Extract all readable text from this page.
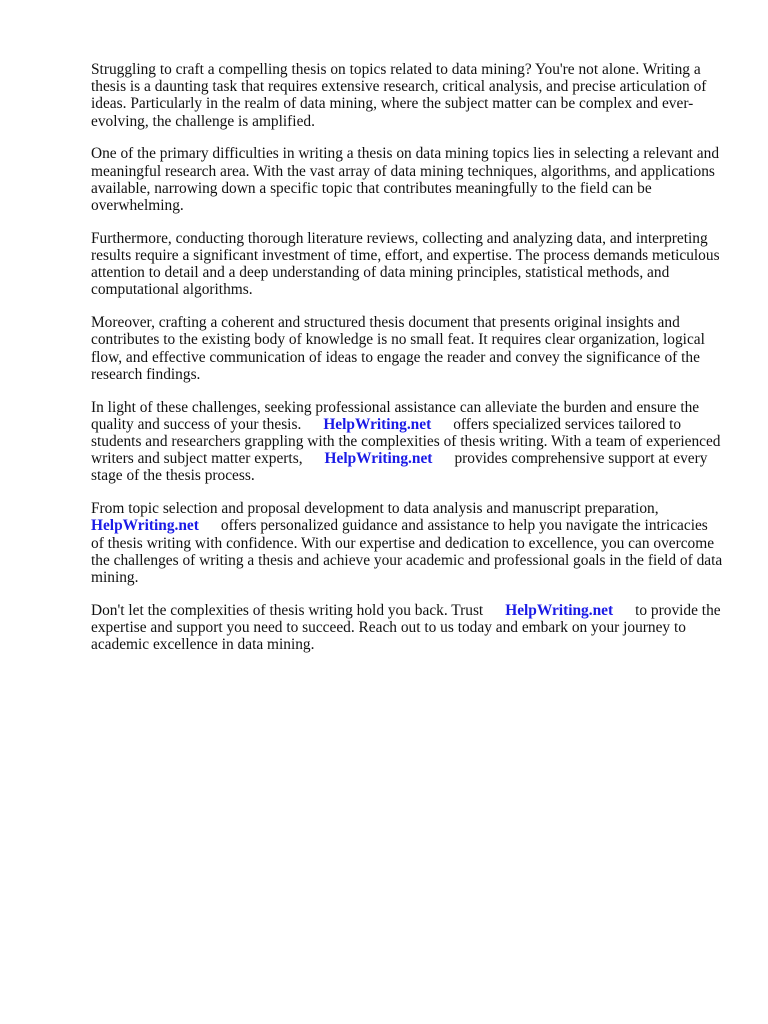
Struggling to craft a compelling thesis on topics related to data mining? You're not alone. Writing a thesis is a daunting task that requires extensive research, critical analysis, and precise articulation of ideas. Particularly in the realm of data mining, where the subject matter can be complex and ever-evolving, the challenge is amplified.

One of the primary difficulties in writing a thesis on data mining topics lies in selecting a relevant and meaningful research area. With the vast array of data mining techniques, algorithms, and applications available, narrowing down a specific topic that contributes meaningfully to the field can be overwhelming.

Furthermore, conducting thorough literature reviews, collecting and analyzing data, and interpreting results require a significant investment of time, effort, and expertise. The process demands meticulous attention to detail and a deep understanding of data mining principles, statistical methods, and computational algorithms.

Moreover, crafting a coherent and structured thesis document that presents original insights and contributes to the existing body of knowledge is no small feat. It requires clear organization, logical flow, and effective communication of ideas to engage the reader and convey the significance of the research findings.

In light of these challenges, seeking professional assistance can alleviate the burden and ensure the quality and success of your thesis. HelpWriting.net offers specialized services tailored to students and researchers grappling with the complexities of thesis writing. With a team of experienced writers and subject matter experts, HelpWriting.net provides comprehensive support at every stage of the thesis process.

From topic selection and proposal development to data analysis and manuscript preparation, HelpWriting.net offers personalized guidance and assistance to help you navigate the intricacies of thesis writing with confidence. With our expertise and dedication to excellence, you can overcome the challenges of writing a thesis and achieve your academic and professional goals in the field of data mining.

Don't let the complexities of thesis writing hold you back. Trust HelpWriting.net to provide the expertise and support you need to succeed. Reach out to us today and embark on your journey to academic excellence in data mining.
